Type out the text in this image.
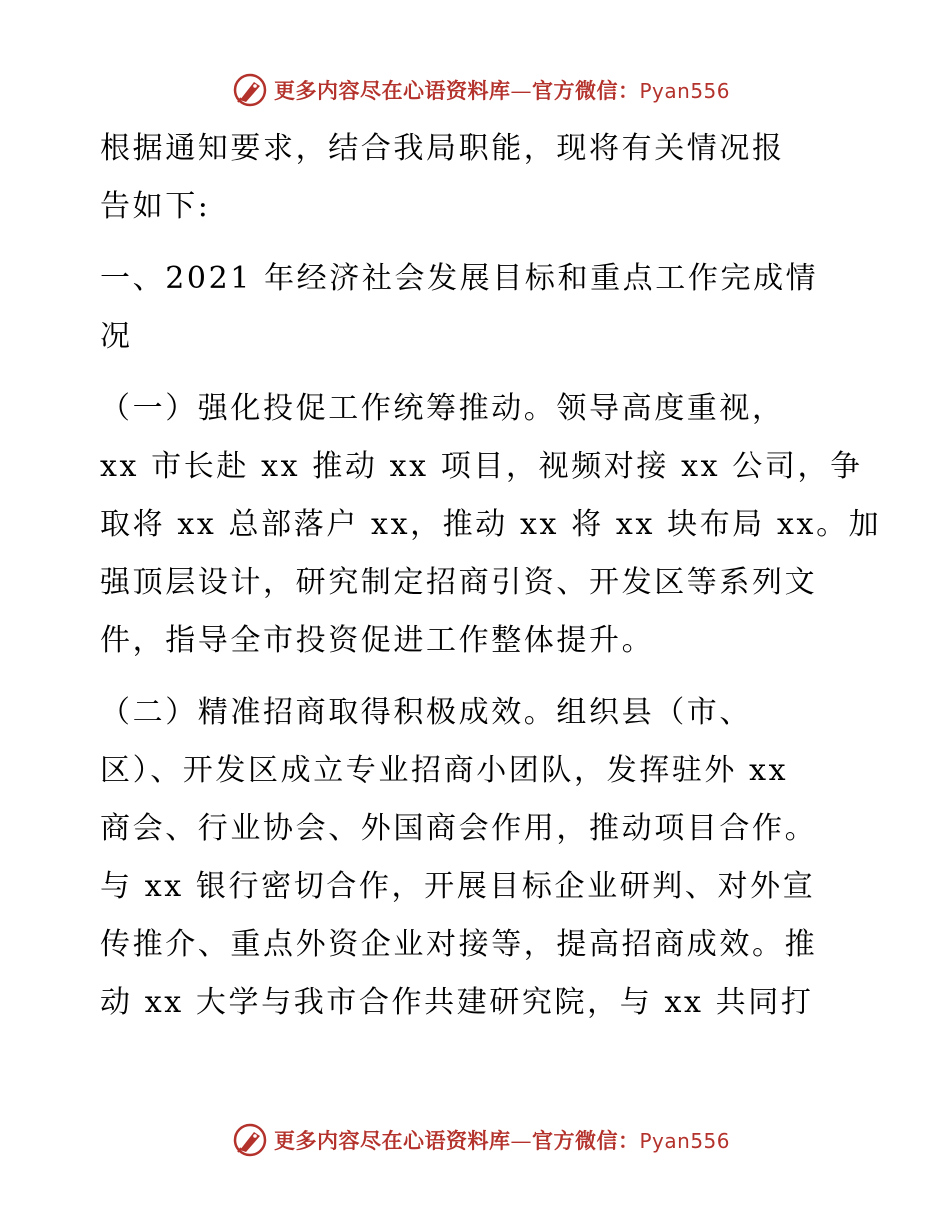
更多内容尽在心语资料库—官方微信：Pyan556
根据通知要求，结合我局职能，现将有关情况报
告如下:
一、2021 年经济社会发展目标和重点工作完成情
况
（一）强化投促工作统筹推动。领导高度重视，
xx 市长赴 xx 推动 xx 项目，视频对接 xx 公司，争
取将 xx 总部落户 xx，推动 xx 将 xx 块布局 xx。加
强顶层设计，研究制定招商引资、开发区等系列文
件，指导全市投资促进工作整体提升。
（二）精准招商取得积极成效。组织县（市、
区）、开发区成立专业招商小团队，发挥驻外 xx
商会、行业协会、外国商会作用，推动项目合作。
与 xx 银行密切合作，开展目标企业研判、对外宣
传推介、重点外资企业对接等，提高招商成效。推
动 xx 大学与我市合作共建研究院，与 xx 共同打
更多内容尽在心语资料库—官方微信：Pyan556
